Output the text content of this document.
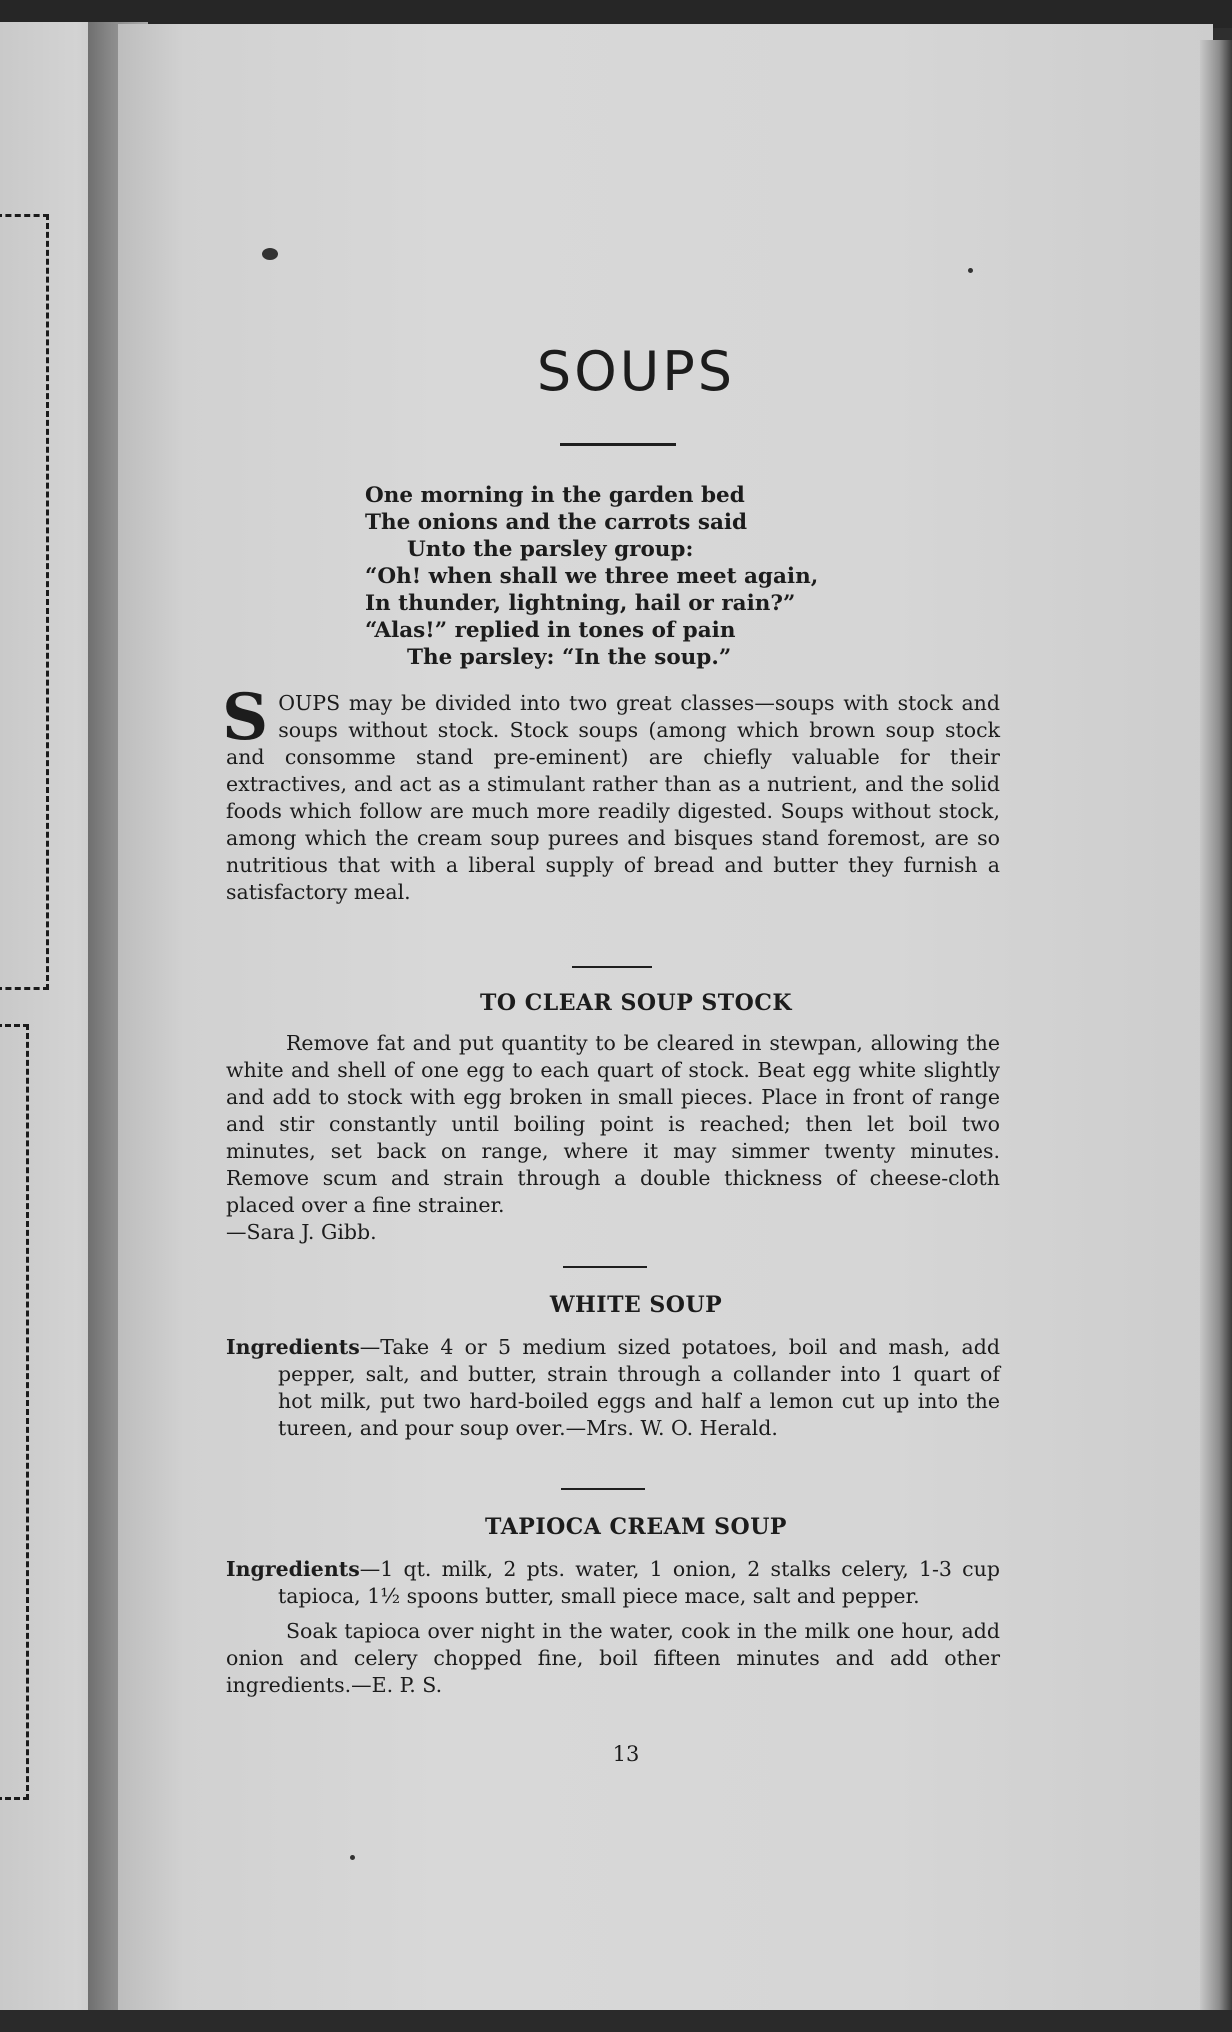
SOUPS
One morning in the garden bed
The onions and the carrots said
Unto the parsley group:
“Oh! when shall we three meet again,
In thunder, lightning, hail or rain?”
“Alas!” replied in tones of pain
The parsley: “In the soup.”

SOUPS may be divided into two great classes—soups with stock and soups without stock. Stock soups (among which brown soup stock and consomme stand pre-eminent) are chiefly valuable for their extractives, and act as a stimulant rather than as a nutrient, and the solid foods which follow are much more readily digested. Soups without stock, among which the cream soup purees and bisques stand foremost, are so nutritious that with a liberal supply of bread and butter they furnish a satisfactory meal.

TO CLEAR SOUP STOCK

Remove fat and put quantity to be cleared in stewpan, allowing the white and shell of one egg to each quart of stock. Beat egg white slightly and add to stock with egg broken in small pieces. Place in front of range and stir constantly until boiling point is reached; then let boil two minutes, set back on range, where it may simmer twenty minutes. Remove scum and strain through a double thickness of cheese-cloth placed over a fine strainer.

—Sara J. Gibb.

WHITE SOUP

Ingredients—Take 4 or 5 medium sized potatoes, boil and mash, add pepper, salt, and butter, strain through a collander into 1 quart of hot milk, put two hard-boiled eggs and half a lemon cut up into the tureen, and pour soup over.—Mrs. W. O. Herald.

TAPIOCA CREAM SOUP

Ingredients—1 qt. milk, 2 pts. water, 1 onion, 2 stalks celery, 1-3 cup tapioca, 1½ spoons butter, small piece mace, salt and pepper.

Soak tapioca over night in the water, cook in the milk one hour, add onion and celery chopped fine, boil fifteen minutes and add other ingredients.—E. P. S.

13
